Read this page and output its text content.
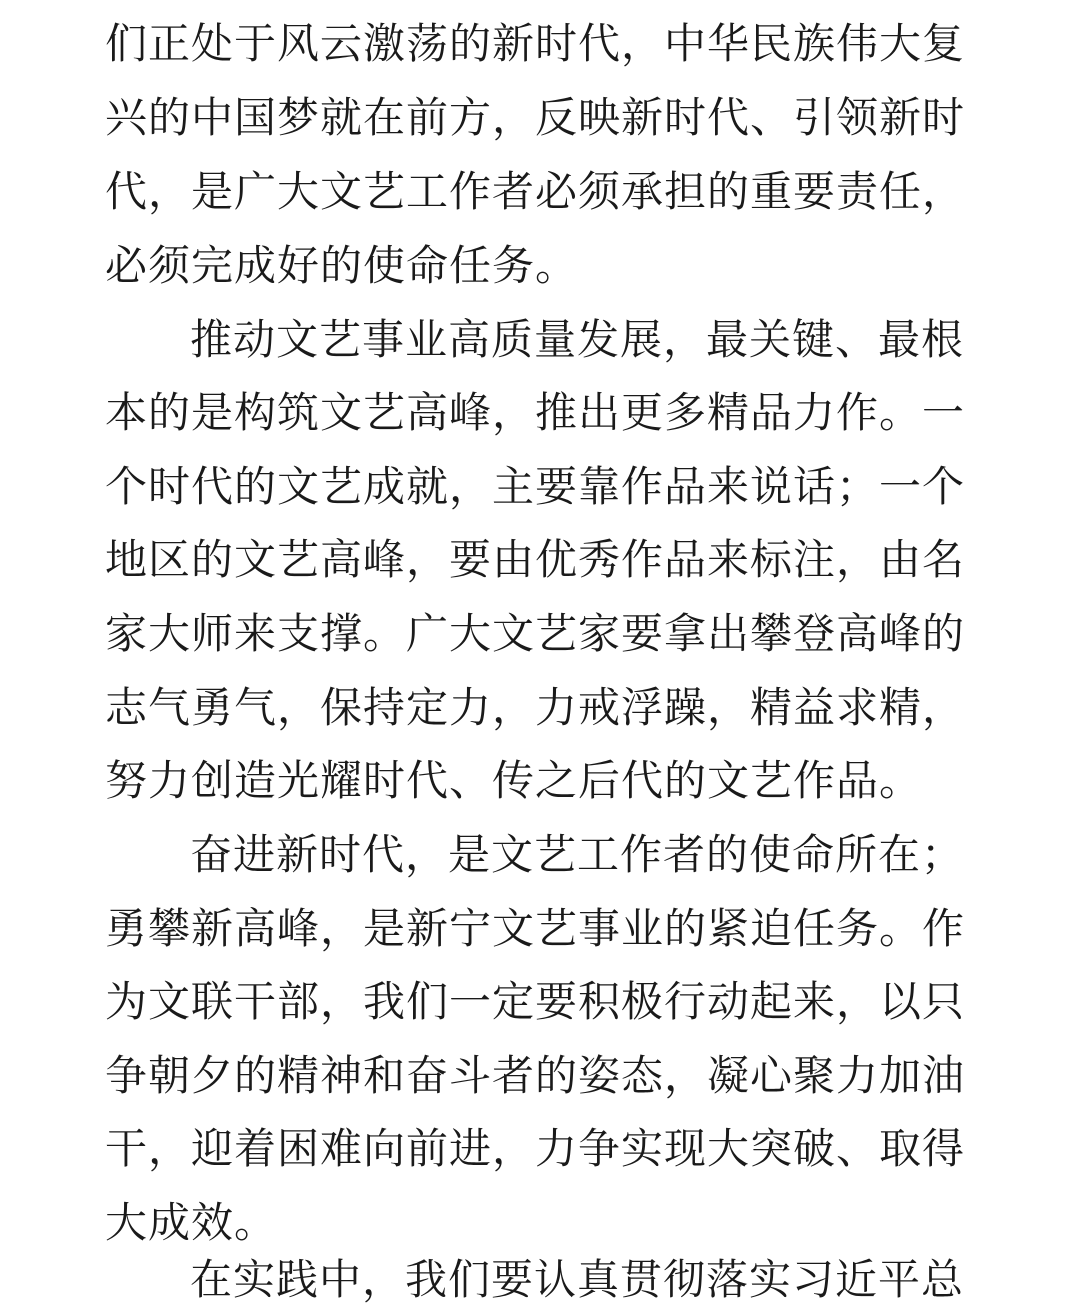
们正处于风云激荡的新时代，中华民族伟大复
兴的中国梦就在前方，反映新时代、引领新时
代，是广大文艺工作者必须承担的重要责任，
必须完成好的使命任务。
推动文艺事业高质量发展，最关键、最根
本的是构筑文艺高峰，推出更多精品力作。一
个时代的文艺成就，主要靠作品来说话；一个
地区的文艺高峰，要由优秀作品来标注，由名
家大师来支撑。广大文艺家要拿出攀登高峰的
志气勇气，保持定力，力戒浮躁，精益求精，
努力创造光耀时代、传之后代的文艺作品。
奋进新时代，是文艺工作者的使命所在；
勇攀新高峰，是新宁文艺事业的紧迫任务。作
为文联干部，我们一定要积极行动起来，以只
争朝夕的精神和奋斗者的姿态，凝心聚力加油
干，迎着困难向前进，力争实现大突破、取得
大成效。
在实践中，我们要认真贯彻落实习近平总
